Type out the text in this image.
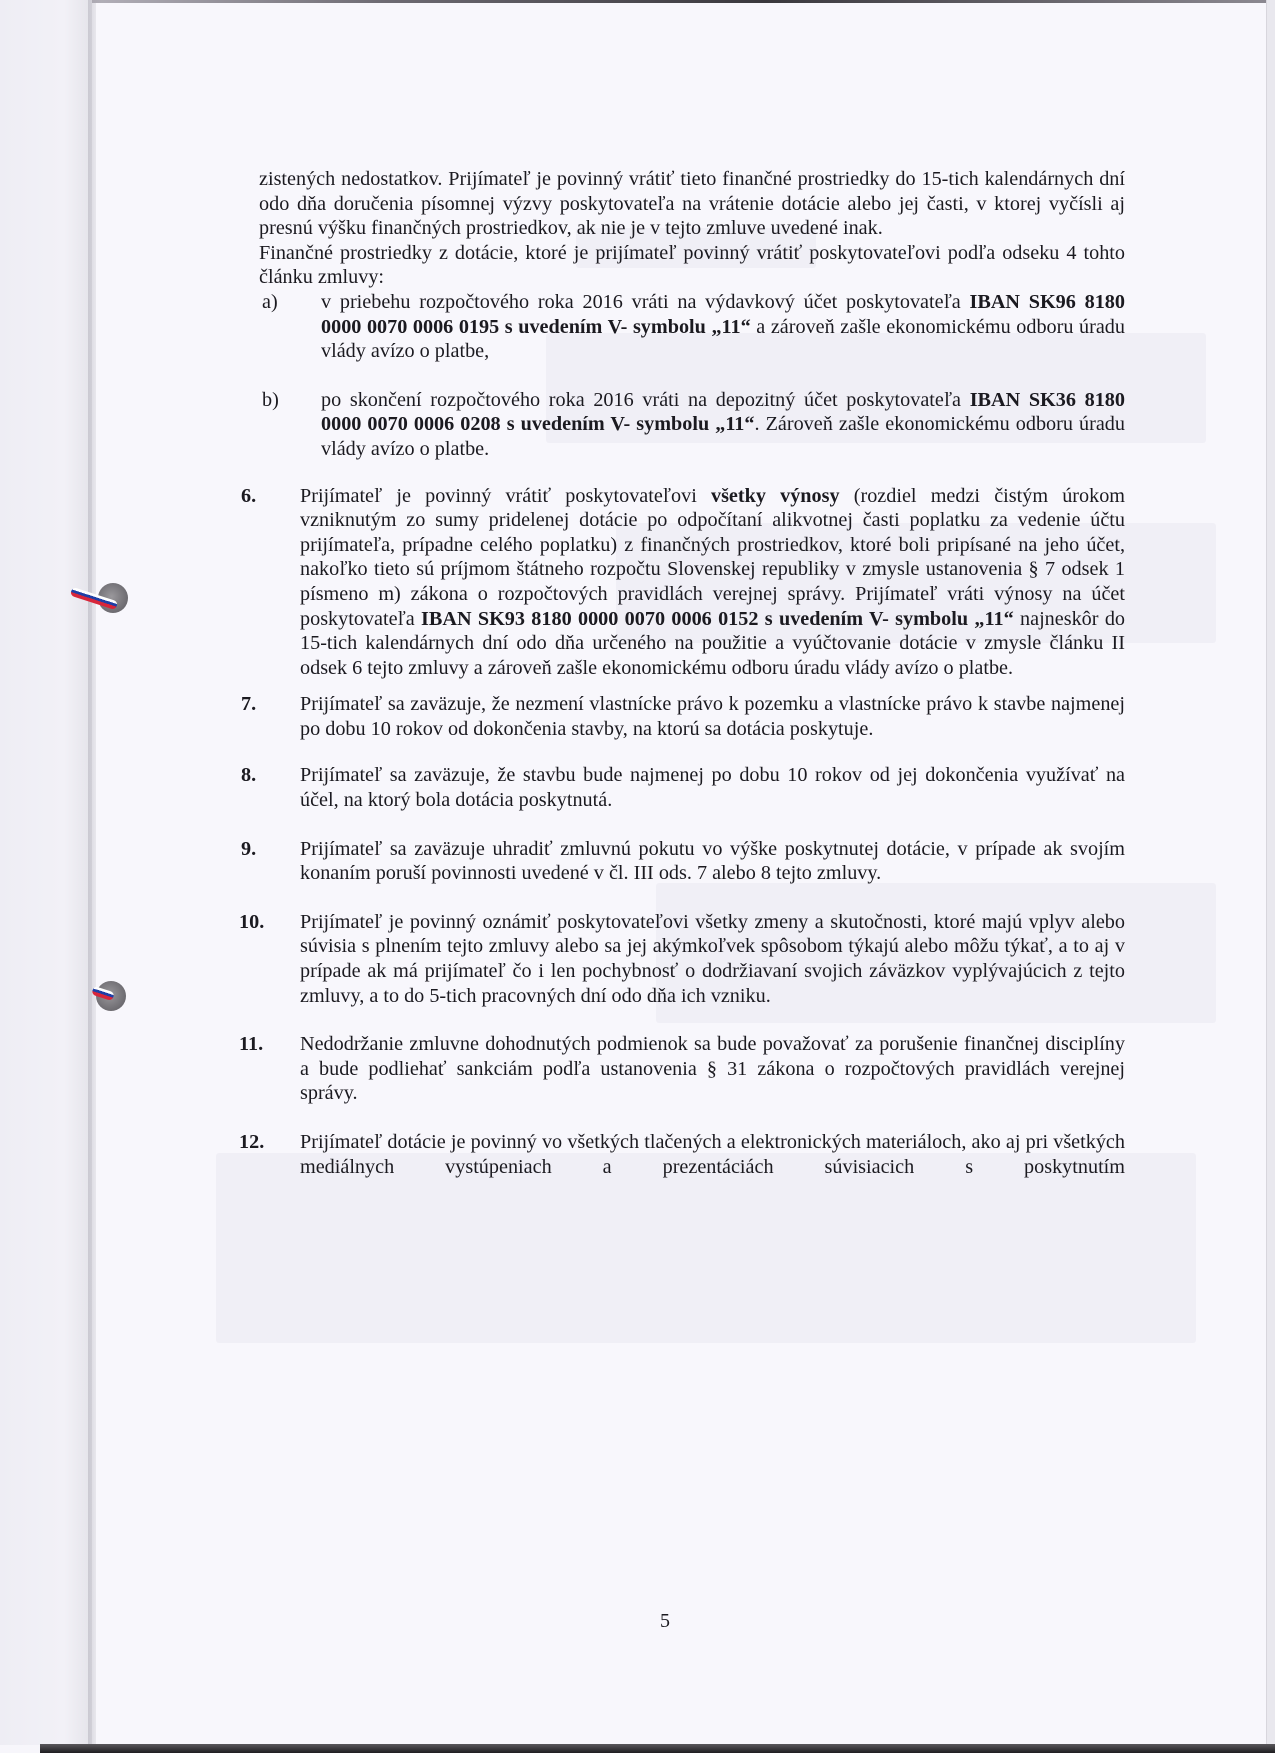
zistených nedostatkov. Prijímateľ je povinný vrátiť tieto finančné prostriedky do 15-tich kalendárnych dní odo dňa doručenia písomnej výzvy poskytovateľa na vrátenie dotácie alebo jej časti, v ktorej vyčísli aj presnú výšku finančných prostriedkov, ak nie je v tejto zmluve uvedené inak.

Finančné prostriedky z dotácie, ktoré je prijímateľ povinný vrátiť poskytovateľovi podľa odseku 4 tohto článku zmluvy:

a) v priebehu rozpočtového roka 2016 vráti na výdavkový účet poskytovateľa IBAN SK96 8180 0000 0070 0006 0195 s uvedením V- symbolu „11“ a zároveň zašle ekonomickému odboru úradu vlády avízo o platbe,

b) po skončení rozpočtového roka 2016 vráti na depozitný účet poskytovateľa IBAN SK36 8180 0000 0070 0006 0208 s uvedením V- symbolu „11“. Zároveň zašle ekonomickému odboru úradu vlády avízo o platbe.

6. Prijímateľ je povinný vrátiť poskytovateľovi všetky výnosy (rozdiel medzi čistým úrokom vzniknutým zo sumy pridelenej dotácie po odpočítaní alikvotnej časti poplatku za vedenie účtu prijímateľa, prípadne celého poplatku) z finančných prostriedkov, ktoré boli pripísané na jeho účet, nakoľko tieto sú príjmom štátneho rozpočtu Slovenskej republiky v zmysle ustanovenia § 7 odsek 1 písmeno m) zákona o rozpočtových pravidlách verejnej správy. Prijímateľ vráti výnosy na účet poskytovateľa IBAN SK93 8180 0000 0070 0006 0152 s uvedením V- symbolu „11“ najneskôr do 15-tich kalendárnych dní odo dňa určeného na použitie a vyúčtovanie dotácie v zmysle článku II odsek 6 tejto zmluvy a zároveň zašle ekonomickému odboru úradu vlády avízo o platbe.

7. Prijímateľ sa zaväzuje, že nezmení vlastnícke právo k pozemku a vlastnícke právo k stavbe najmenej po dobu 10 rokov od dokončenia stavby, na ktorú sa dotácia poskytuje.

8. Prijímateľ sa zaväzuje, že stavbu bude najmenej po dobu 10 rokov od jej dokončenia využívať na účel, na ktorý bola dotácia poskytnutá.

9. Prijímateľ sa zaväzuje uhradiť zmluvnú pokutu vo výške poskytnutej dotácie, v prípade ak svojím konaním poruší povinnosti uvedené v čl. III ods. 7 alebo 8 tejto zmluvy.

10. Prijímateľ je povinný oznámiť poskytovateľovi všetky zmeny a skutočnosti, ktoré majú vplyv alebo súvisia s plnením tejto zmluvy alebo sa jej akýmkoľvek spôsobom týkajú alebo môžu týkať, a to aj v prípade ak má prijímateľ čo i len pochybnosť o dodržiavaní svojich záväzkov vyplývajúcich z tejto zmluvy, a to do 5-tich pracovných dní odo dňa ich vzniku.

11. Nedodržanie zmluvne dohodnutých podmienok sa bude považovať za porušenie finančnej disciplíny a bude podliehať sankciám podľa ustanovenia § 31 zákona o rozpočtových pravidlách verejnej správy.

12. Prijímateľ dotácie je povinný vo všetkých tlačených a elektronických materiáloch, ako aj pri všetkých mediálnych vystúpeniach a prezentáciách súvisiacich s poskytnutím

5
